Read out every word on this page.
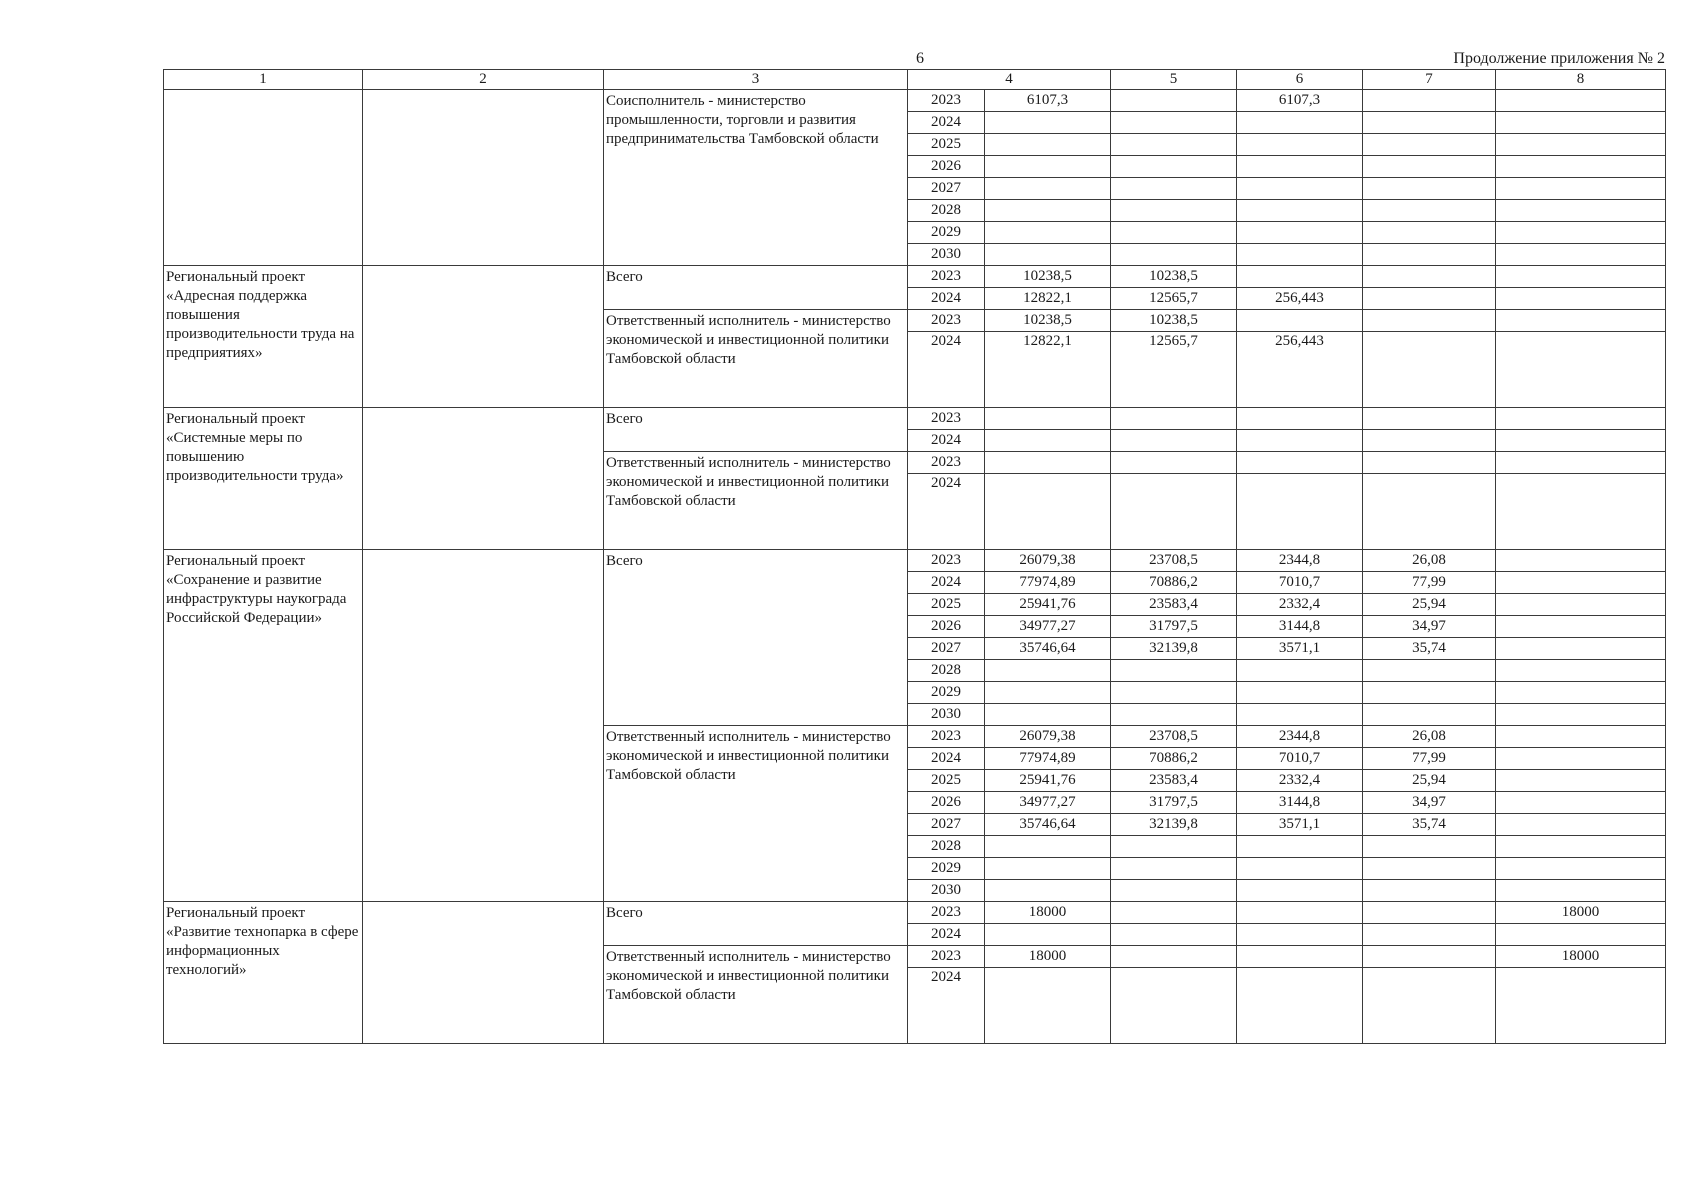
6	Продолжение приложения № 2
1	2	3	4		5	6	7	8
		Соисполнитель - министерство промышленности, торговли и развития предпринимательства Тамбовской области	2023	6107,3		6107,3		
			2024					
			2025					
			2026					
			2027					
			2028					
			2029					
			2030					
Региональный проект «Адресная поддержка повышения производительности труда на предприятиях»		Всего	2023	10238,5	10238,5			
			2024	12822,1	12565,7	256,443		
		Ответственный исполнитель - министерство экономической и инвестиционной политики Тамбовской области	2023	10238,5	10238,5			
			2024	12822,1	12565,7	256,443		
Региональный проект «Системные меры по повышению производительности труда»		Всего	2023					
			2024					
		Ответственный исполнитель - министерство экономической и инвестиционной политики Тамбовской области	2023					
			2024					
Региональный проект «Сохранение и развитие инфраструктуры наукограда Российской Федерации»		Всего	2023	26079,38	23708,5	2344,8	26,08	
			2024	77974,89	70886,2	7010,7	77,99	
			2025	25941,76	23583,4	2332,4	25,94	
			2026	34977,27	31797,5	3144,8	34,97	
			2027	35746,64	32139,8	3571,1	35,74	
			2028					
			2029					
			2030					
		Ответственный исполнитель - министерство экономической и инвестиционной политики Тамбовской области	2023	26079,38	23708,5	2344,8	26,08	
			2024	77974,89	70886,2	7010,7	77,99	
			2025	25941,76	23583,4	2332,4	25,94	
			2026	34977,27	31797,5	3144,8	34,97	
			2027	35746,64	32139,8	3571,1	35,74	
			2028					
			2029					
			2030					
Региональный проект «Развитие технопарка в сфере информационных технологий»		Всего	2023	18000				18000
			2024					
		Ответственный исполнитель - министерство экономической и инвестиционной политики Тамбовской области	2023	18000				18000
			2024					
